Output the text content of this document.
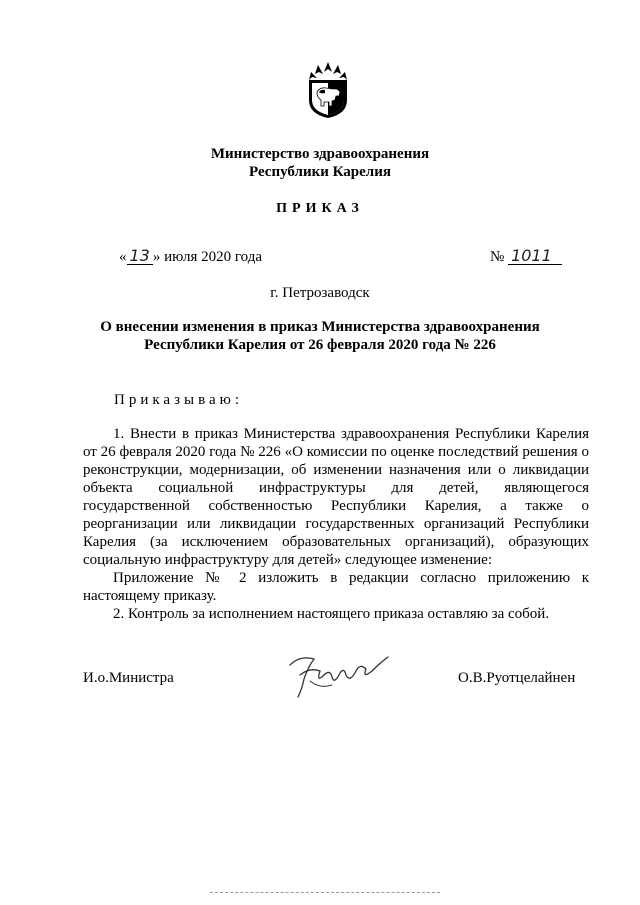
Министерство здравоохранения
Республики Карелия
ПРИКАЗ
« 13 » июля 2020 года	№ 1011
г. Петрозаводск
О внесении изменения в приказ Министерства здравоохранения
Республики Карелия от 26 февраля 2020 года № 226
Приказываю:

1. Внести в приказ Министерства здравоохранения Республики Карелия от 26 февраля 2020 года № 226 «О комиссии по оценке последствий решения о реконструкции, модернизации, об изменении назначения или о ликвидации объекта социальной инфраструктуры для детей, являющегося государственной собственностью Республики Карелия, а также о реорганизации или ликвидации государственных организаций Республики Карелия (за исключением образовательных организаций), образующих социальную инфраструктуру для детей» следующее изменение:

Приложение № 2 изложить в редакции согласно приложению к настоящему приказу.

2. Контроль за исполнением настоящего приказа оставляю за собой.

И.о.Министра	О.В.Руотцелайнен
